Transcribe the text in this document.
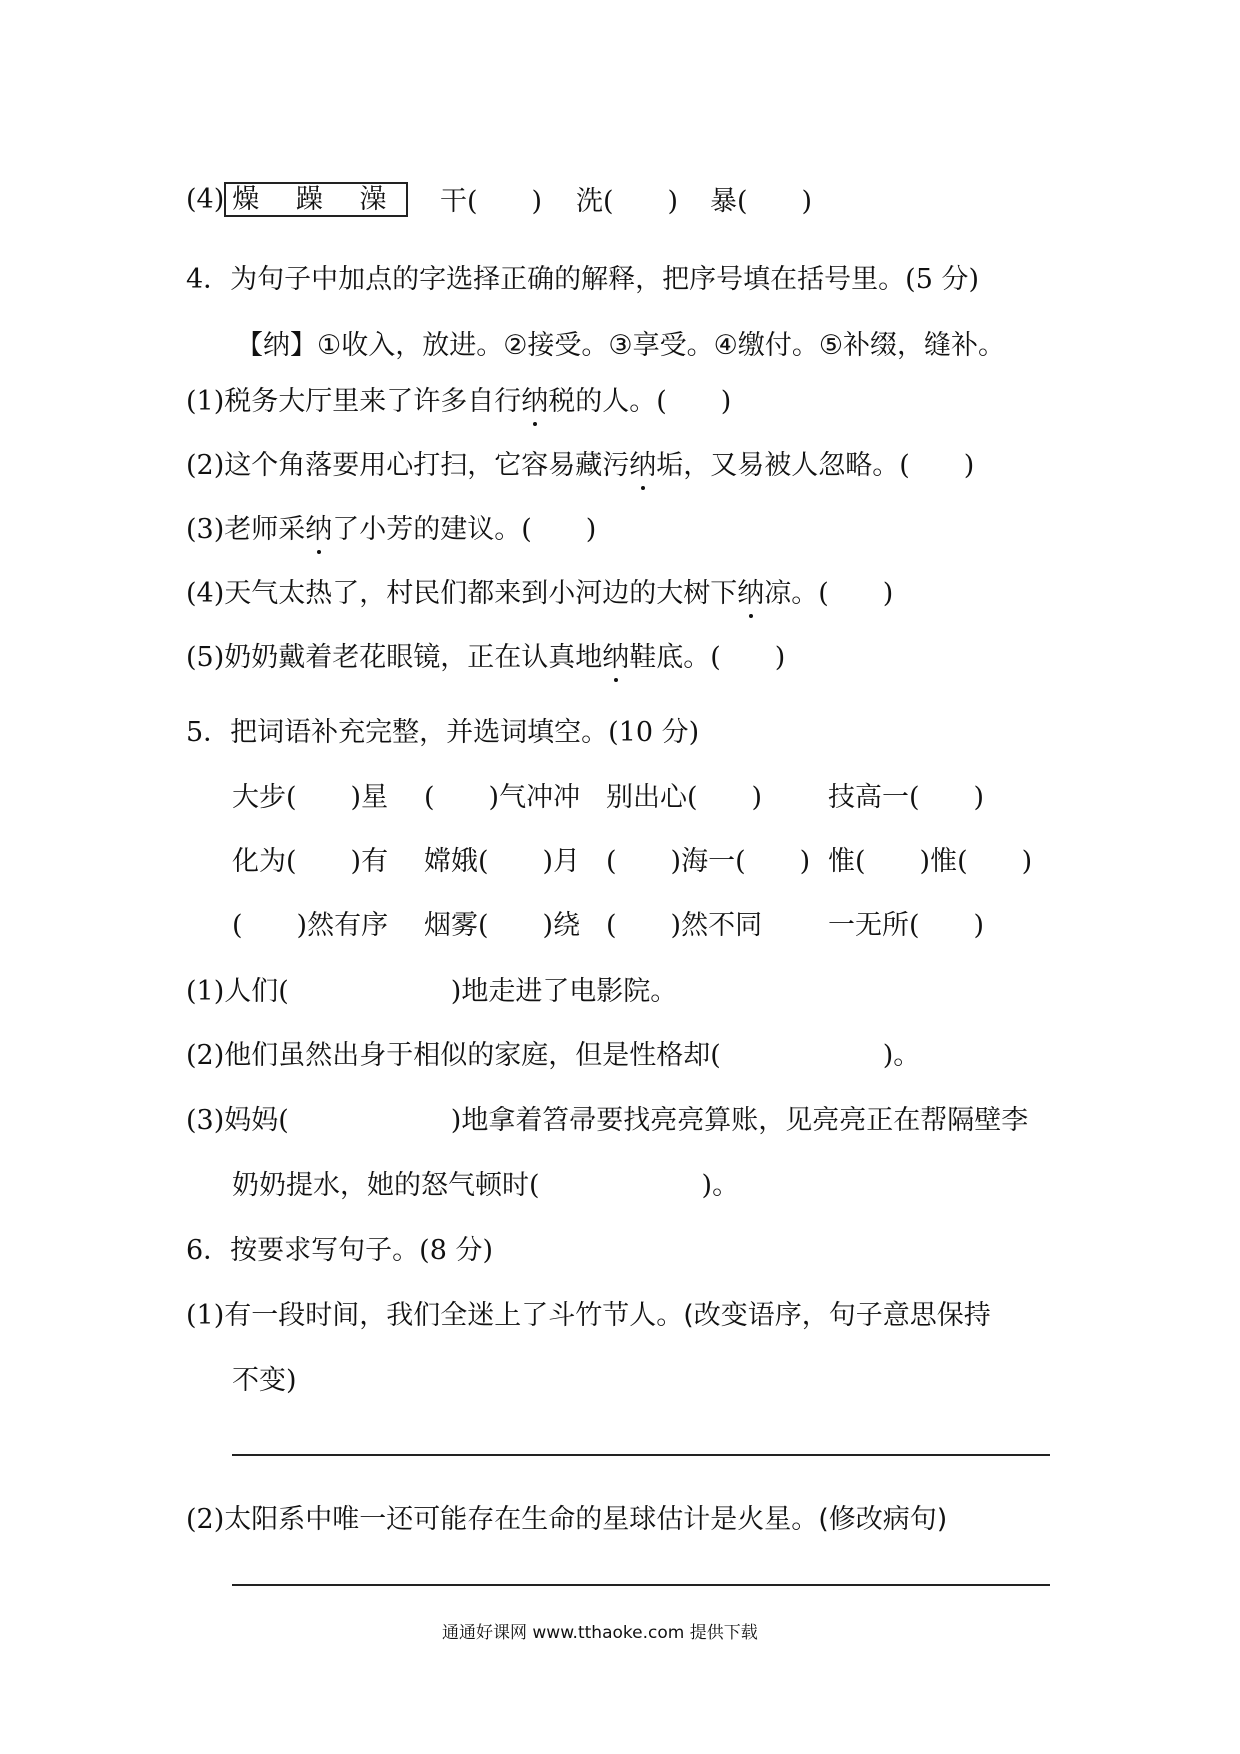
(4) 燥 躁 澡 干(　　) 洗(　　) 暴(　　)
4．为句子中加点的字选择正确的解释，把序号填在括号里。(5 分)
【纳】①收入，放进。②接受。③享受。④缴付。⑤补缀，缝补。
(1)税务大厅里来了许多自行纳税的人。(　　)
(2)这个角落要用心打扫，它容易藏污纳垢，又易被人忽略。(　　)
(3)老师采纳了小芳的建议。(　　)
(4)天气太热了，村民们都来到小河边的大树下纳凉。(　　)
(5)奶奶戴着老花眼镜，正在认真地纳鞋底。(　　)
5．把词语补充完整，并选词填空。(10 分)
大步(　　)星 (　　)气冲冲 别出心(　　) 技高一(　　)
化为(　　)有 嫦娥(　　)月 (　　)海一(　　) 惟(　　)惟(　　)
(　　)然有序 烟雾(　　)绕 (　　)然不同 一无所(　　)
(1)人们(　　　　　　)地走进了电影院。
(2)他们虽然出身于相似的家庭，但是性格却(　　　　　　)。
(3)妈妈(　　　　　　)地拿着笤帚要找亮亮算账，见亮亮正在帮隔壁李
奶奶提水，她的怒气顿时(　　　　　　)。
6．按要求写句子。(8 分)
(1)有一段时间，我们全迷上了斗竹节人。(改变语序，句子意思保持
不变)
(2)太阳系中唯一还可能存在生命的星球估计是火星。(修改病句)
通通好课网 www.tthaoke.com 提供下载
